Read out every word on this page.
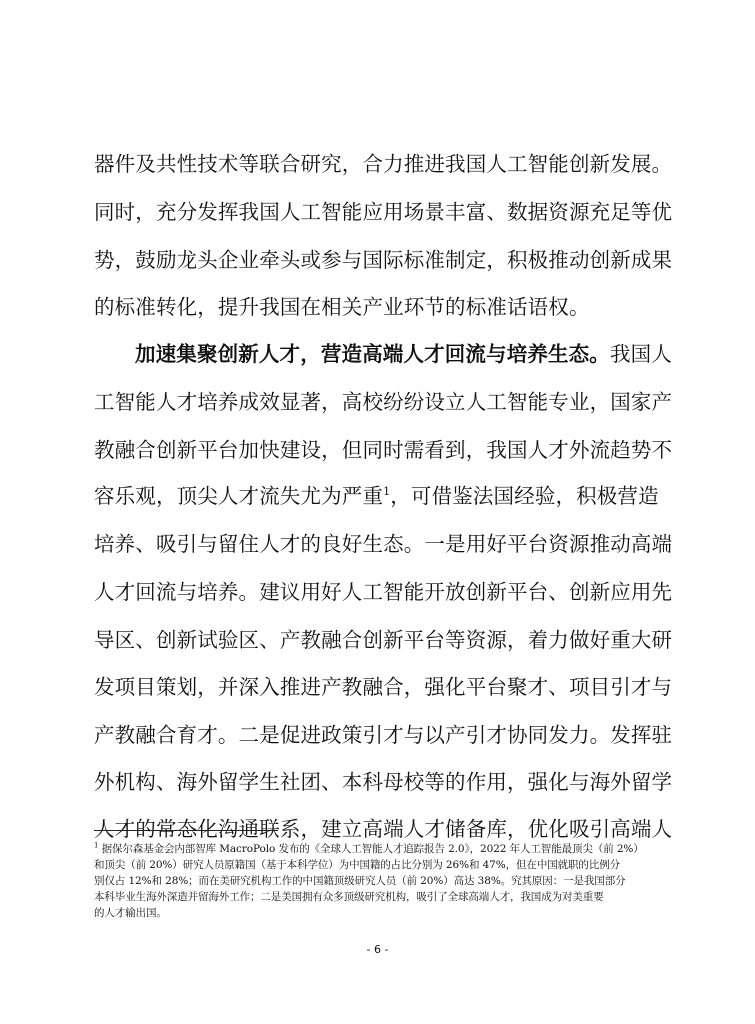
器件及共性技术等联合研究，合力推进我国人工智能创新发展。
同时，充分发挥我国人工智能应用场景丰富、数据资源充足等优
势，鼓励龙头企业牵头或参与国际标准制定，积极推动创新成果
的标准转化，提升我国在相关产业环节的标准话语权。
加速集聚创新人才，营造高端人才回流与培养生态。我国人
工智能人才培养成效显著，高校纷纷设立人工智能专业，国家产
教融合创新平台加快建设，但同时需看到，我国人才外流趋势不
容乐观，顶尖人才流失尤为严重$^1$，可借鉴法国经验，积极营造
培养、吸引与留住人才的良好生态。一是用好平台资源推动高端
人才回流与培养。建议用好人工智能开放创新平台、创新应用先
导区、创新试验区、产教融合创新平台等资源，着力做好重大研
发项目策划，并深入推进产教融合，强化平台聚才、项目引才与
产教融合育才。二是促进政策引才与以产引才协同发力。发挥驻
外机构、海外留学生社团、本科母校等的作用，强化与海外留学
人才的常态化沟通联系，建立高端人才储备库，优化吸引高端人
$^1$ 据保尔森基金会内部智库 MacroPolo 发布的《全球人工智能人才追踪报告 2.0》，2022 年人工智能最顶尖（前 2%）
和顶尖（前 20%）研究人员原籍国（基于本科学位）为中国籍的占比分别为 26%和 47%，但在中国就职的比例分
别仅占 12%和 28%；而在美研究机构工作的中国籍顶级研究人员（前 20%）高达 38%。究其原因：一是我国部分
本科毕业生海外深造并留海外工作；二是美国拥有众多顶级研究机构，吸引了全球高端人才，我国成为对美重要
的人才输出国。
- 6 -
